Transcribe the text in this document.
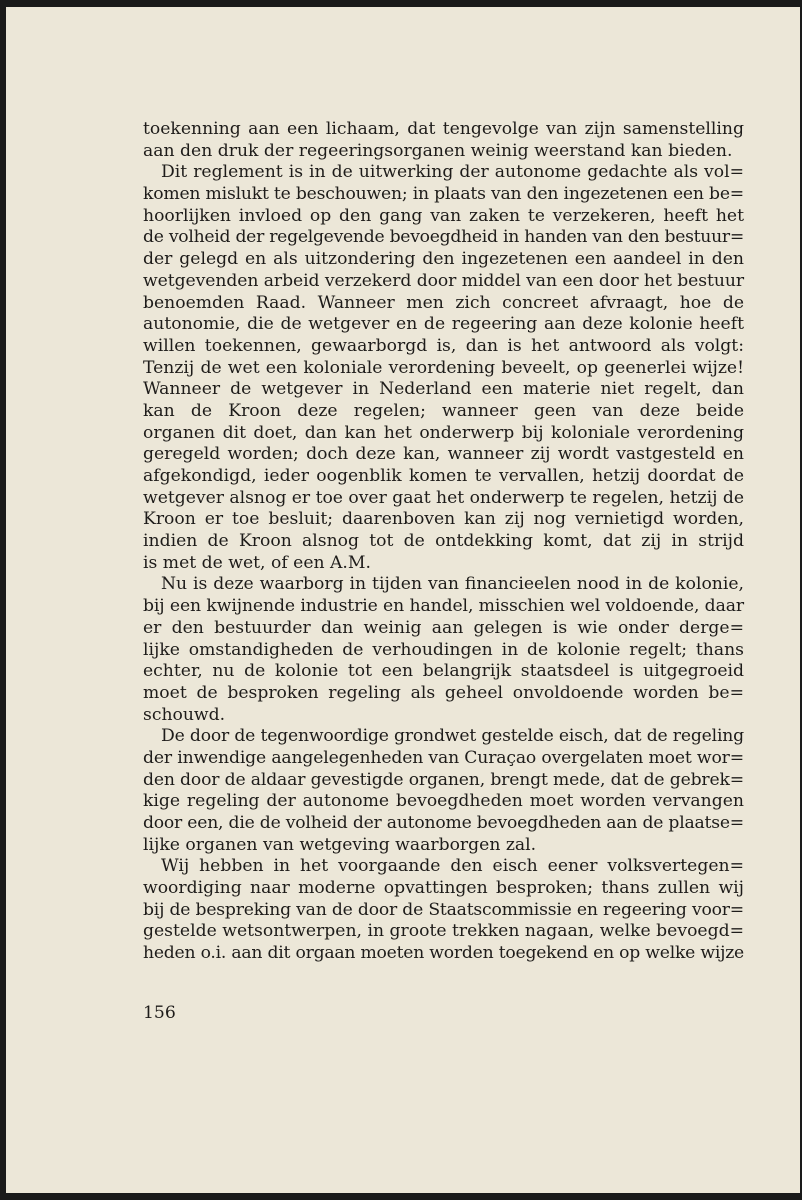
toekenning aan een lichaam, dat tengevolge van zijn samenstelling
aan den druk der regeeringsorganen weinig weerstand kan bieden.
Dit reglement is in de uitwerking der autonome gedachte als vol=
komen mislukt te beschouwen; in plaats van den ingezetenen een be=
hoorlijken invloed op den gang van zaken te verzekeren, heeft het
de volheid der regelgevende bevoegdheid in handen van den bestuur=
der gelegd en als uitzondering den ingezetenen een aandeel in den
wetgevenden arbeid verzekerd door middel van een door het bestuur
benoemden Raad. Wanneer men zich concreet afvraagt, hoe de
autonomie, die de wetgever en de regeering aan deze kolonie heeft
willen toekennen, gewaarborgd is, dan is het antwoord als volgt:
Tenzij de wet een koloniale verordening beveelt, op geenerlei wijze!
Wanneer de wetgever in Nederland een materie niet regelt, dan
kan de Kroon deze regelen; wanneer geen van deze beide
organen dit doet, dan kan het onderwerp bij koloniale verordening
geregeld worden; doch deze kan, wanneer zij wordt vastgesteld en
afgekondigd, ieder oogenblik komen te vervallen, hetzij doordat de
wetgever alsnog er toe over gaat het onderwerp te regelen, hetzij de
Kroon er toe besluit; daarenboven kan zij nog vernietigd worden,
indien de Kroon alsnog tot de ontdekking komt, dat zij in strijd
is met de wet, of een A.M.
Nu is deze waarborg in tijden van financieelen nood in de kolonie,
bij een kwijnende industrie en handel, misschien wel voldoende, daar
er den bestuurder dan weinig aan gelegen is wie onder derge=
lijke omstandigheden de verhoudingen in de kolonie regelt; thans
echter, nu de kolonie tot een belangrijk staatsdeel is uitgegroeid
moet de besproken regeling als geheel onvoldoende worden be=
schouwd.
De door de tegenwoordige grondwet gestelde eisch, dat de regeling
der inwendige aangelegenheden van Curaçao overgelaten moet wor=
den door de aldaar gevestigde organen, brengt mede, dat de gebrek=
kige regeling der autonome bevoegdheden moet worden vervangen
door een, die de volheid der autonome bevoegdheden aan de plaatse=
lijke organen van wetgeving waarborgen zal.
Wij hebben in het voorgaande den eisch eener volksvertegen=
woordiging naar moderne opvattingen besproken; thans zullen wij
bij de bespreking van de door de Staatscommissie en regeering voor=
gestelde wetsontwerpen, in groote trekken nagaan, welke bevoegd=
heden o.i. aan dit orgaan moeten worden toegekend en op welke wijze
156
